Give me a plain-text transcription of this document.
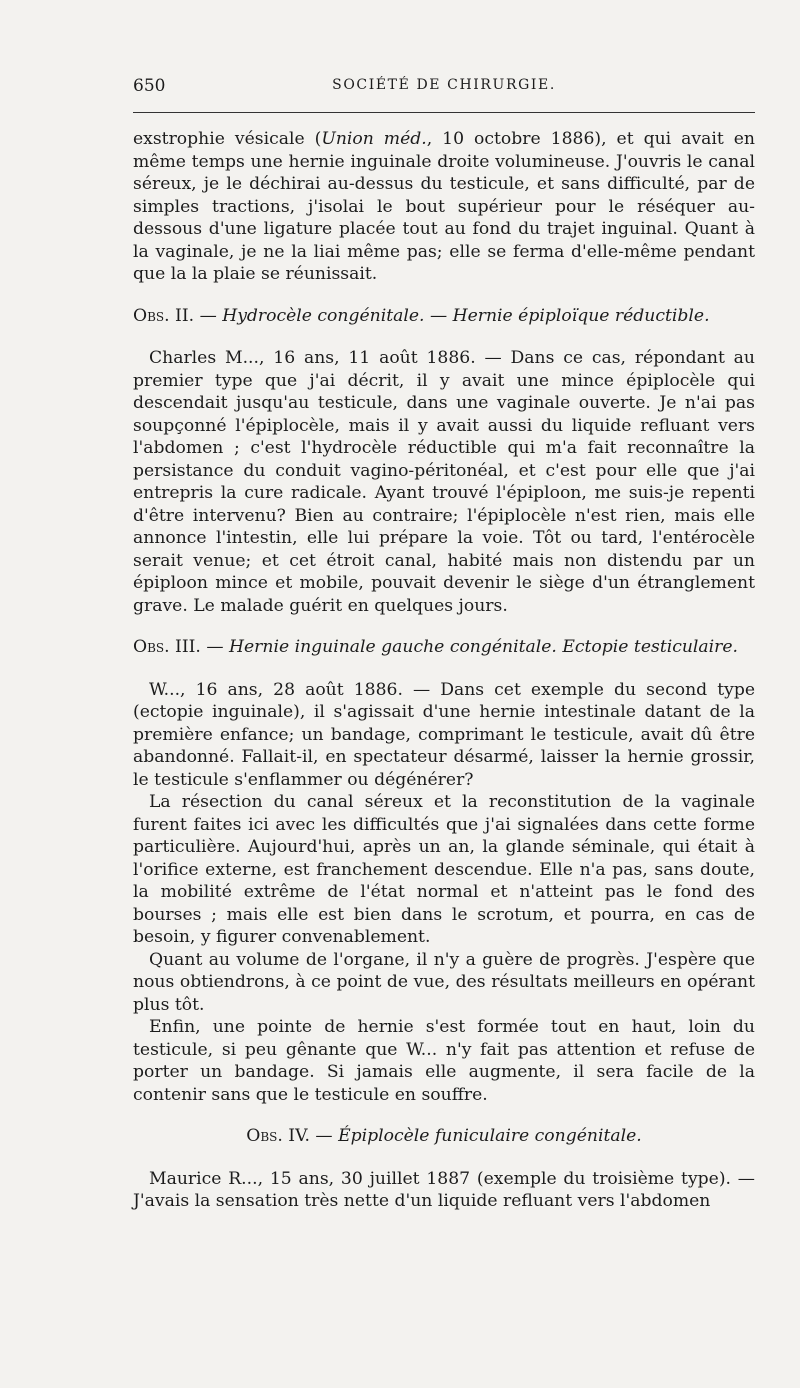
650	SOCIÉTÉ DE CHIRURGIE.

exstrophie vésicale (Union méd., 10 octobre 1886), et qui avait en même temps une hernie inguinale droite volumineuse. J'ouvris le canal séreux, je le déchirai au-dessus du testicule, et sans difficulté, par de simples tractions, j'isolai le bout supérieur pour le réséquer au-dessous d'une ligature placée tout au fond du trajet inguinal. Quant à la vaginale, je ne la liai même pas; elle se ferma d'elle-même pendant que la la plaie se réunissait.

Obs. II. — Hydrocèle congénitale. — Hernie épiploïque réductible.

Charles M..., 16 ans, 11 août 1886. — Dans ce cas, répondant au premier type que j'ai décrit, il y avait une mince épiplocèle qui descendait jusqu'au testicule, dans une vaginale ouverte. Je n'ai pas soupçonné l'épiplocèle, mais il y avait aussi du liquide refluant vers l'abdomen ; c'est l'hydrocèle réductible qui m'a fait reconnaître la persistance du conduit vagino-péritonéal, et c'est pour elle que j'ai entrepris la cure radicale. Ayant trouvé l'épiploon, me suis-je repenti d'être intervenu? Bien au contraire; l'épiplocèle n'est rien, mais elle annonce l'intestin, elle lui prépare la voie. Tôt ou tard, l'entérocèle serait venue; et cet étroit canal, habité mais non distendu par un épiploon mince et mobile, pouvait devenir le siège d'un étranglement grave. Le malade guérit en quelques jours.

Obs. III. — Hernie inguinale gauche congénitale. Ectopie testiculaire.

W..., 16 ans, 28 août 1886. — Dans cet exemple du second type (ectopie inguinale), il s'agissait d'une hernie intestinale datant de la première enfance; un bandage, comprimant le testicule, avait dû être abandonné. Fallait-il, en spectateur désarmé, laisser la hernie grossir, le testicule s'enflammer ou dégénérer?

La résection du canal séreux et la reconstitution de la vaginale furent faites ici avec les difficultés que j'ai signalées dans cette forme particulière. Aujourd'hui, après un an, la glande séminale, qui était à l'orifice externe, est franchement descendue. Elle n'a pas, sans doute, la mobilité extrême de l'état normal et n'atteint pas le fond des bourses ; mais elle est bien dans le scrotum, et pourra, en cas de besoin, y figurer convenablement.

Quant au volume de l'organe, il n'y a guère de progrès. J'espère que nous obtiendrons, à ce point de vue, des résultats meilleurs en opérant plus tôt.

Enfin, une pointe de hernie s'est formée tout en haut, loin du testicule, si peu gênante que W... n'y fait pas attention et refuse de porter un bandage. Si jamais elle augmente, il sera facile de la contenir sans que le testicule en souffre.

Obs. IV. — Épiplocèle funiculaire congénitale.

Maurice R..., 15 ans, 30 juillet 1887 (exemple du troisième type). — J'avais la sensation très nette d'un liquide refluant vers l'abdomen
